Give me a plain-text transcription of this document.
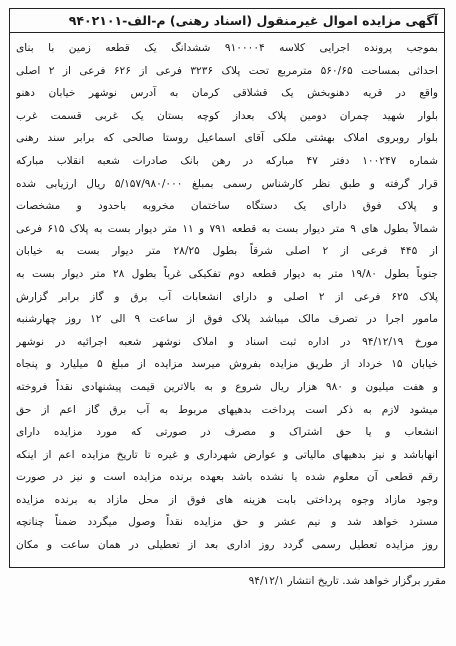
آگهی مزایده اموال غیرمنقول (اسناد رهنی) م-الف-۹۴۰۲۱۰۱
بموجب پرونده اجرایی کلاسه ۹۱۰۰۰۰۴ ششدانگ یک قطعه زمین با بنای
احداثی بمساحت ۵۶۰/۶۵ مترمربع تحت پلاک ۳۲۳۶ فرعی از ۶۲۶ فرعی از ۲ اصلی
واقع در قریه دهنوبخش یک قشلاقی کرمان به آدرس نوشهر خیابان دهنو
بلوار شهید چمران دومین پلاک بعداز کوچه بستان یک غربی قسمت غرب
بلوار روبروی املاک بهشتی ملکی آقای اسماعیل روستا صالحی که برابر سند رهنی
شماره ۱۰۰۲۴۷ دفتر ۴۷ مبارکه در رهن بانک صادرات شعبه انقلاب مبارکه
قرار گرفته و طبق نظر کارشناس رسمی بمبلغ ۵/۱۵۷/۹۸۰/۰۰۰ ریال ارزیابی شده
و پلاک فوق دارای یک دستگاه ساختمان مخروبه باحدود و مشخصات
شمالاً بطول های ۹ متر دیوار بست به قطعه ۷۹۱ و ۱۱ متر دیوار بست به پلاک ۶۱۵ فرعی
از ۴۴۵ فرعی از ۲ اصلی شرقاً بطول ۲۸/۲۵ متر دیوار بست به خیابان
جنوباً بطول ۱۹/۸۰ متر به دیوار قطعه دوم تفکیکی غرباً بطول ۲۸ متر دیوار بست به
پلاک ۶۲۵ فرعی از ۲ اصلی و دارای انشعابات آب برق و گاز برابر گزارش
مامور اجرا در تصرف مالک میباشد پلاک فوق از ساعت ۹ الی ۱۲ روز چهارشنبه
مورخ ۹۴/۱۲/۱۹ در اداره ثبت اسناد و املاک نوشهر شعبه اجرائیه در نوشهر
خیابان ۱۵ خرداد از طریق مزایده بفروش میرسد مزایده از مبلغ ۵ میلیارد و پنجاه
و هفت میلیون و ۹۸۰ هزار ریال شروع و به بالاترین قیمت پیشنهادی نقداً فروخته
میشود لازم به ذکر است پرداخت بدهیهای مربوط به آب برق گاز اعم از حق
انشعاب و یا حق اشتراک و مصرف در صورتی که مورد مزایده دارای
انهاباشد و نیز بدهیهای مالیاتی و عوارض شهرداری و غیره تا تاریخ مزایده اعم از اینکه
رقم قطعی آن معلوم شده یا نشده باشد بعهده برنده مزایده است و نیز در صورت
وجود مازاد وجوه پرداختی بابت هزینه های فوق از محل مازاد به برنده مزایده
مسترد خواهد شد و نیم عشر و حق مزایده نقداً وصول میگردد ضمناً چنانچه
روز مزایده تعطیل رسمی گردد روز اداری بعد از تعطیلی در همان ساعت و مکان
مقرر برگزار خواهد شد. تاریخ انتشار ۹۴/۱۲/۱
